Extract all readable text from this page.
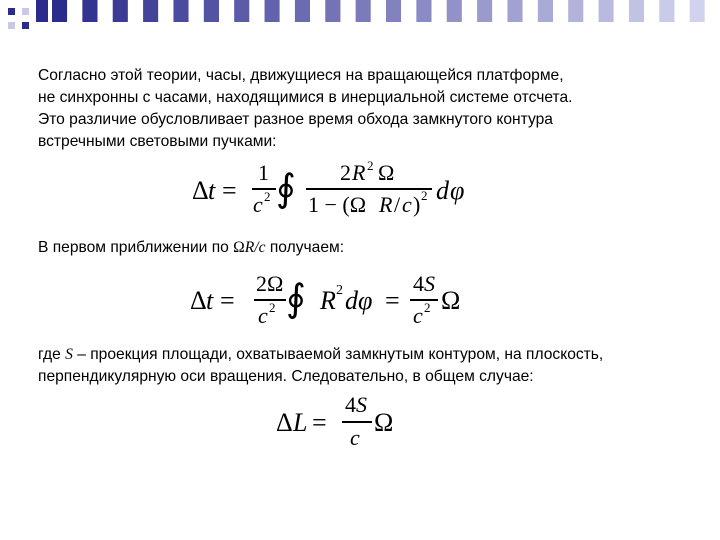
Согласно этой теории, часы, движущиеся на вращающейся платформе,
не синхронны с часами, находящимися в инерциальной системе отсчета.
Это различие обусловливает разное время обхода замкнутого контура
встречными световыми пучками:
Δ t =
1
c 2 ∮ 2 R 2 Ω
1 − (Ω R / c ) 2 d φ
В первом приближении по ΩR/c получаем:
Δ t =
2Ω
c 2 ∮ R 2 d φ =
4 S
c 2 Ω
где S – проекция площади, охватываемой замкнутым контуром, на плоскость,
перпендикулярную оси вращения. Следовательно, в общем случае:
Δ L =
4 S
c
Ω
